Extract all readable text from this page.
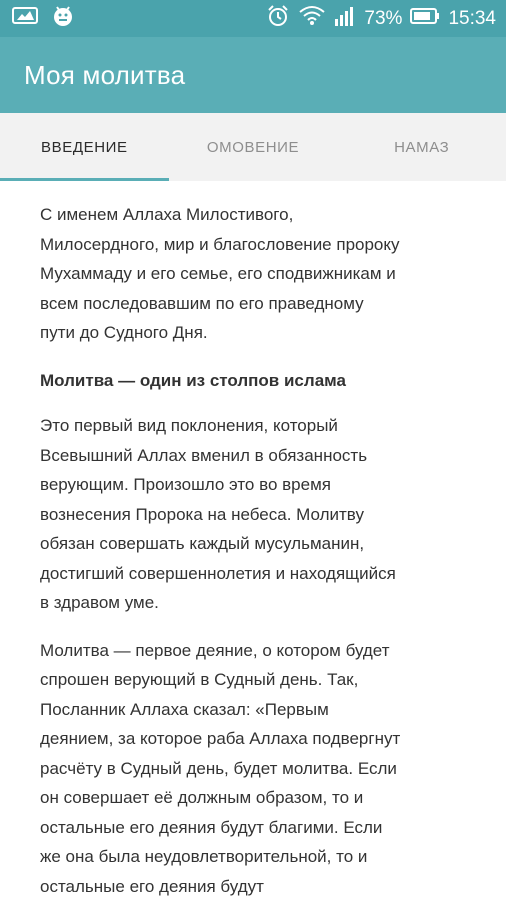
73% 15:34
Моя молитва
ВВЕДЕНИЕ	ОМОВЕНИЕ	НАМАЗ

С именем Аллаха Милостивого,
Милосердного, мир и благословение пророку
Мухаммаду и его семье, его сподвижникам и
всем последовавшим по его праведному
пути до Судного Дня.

Молитва — один из столпов ислама

Это первый вид поклонения, который
Всевышний Аллах вменил в обязанность
верующим. Произошло это во время
вознесения Пророка на небеса. Молитву
обязан совершать каждый мусульманин,
достигший совершеннолетия и находящийся
в здравом уме.

Молитва — первое деяние, о котором будет
спрошен верующий в Судный день. Так,
Посланник Аллаха сказал: «Первым
деянием, за которое раба Аллаха подвергнут
расчёту в Судный день, будет молитва. Если
он совершает её должным образом, то и
остальные его деяния будут благими. Если
же она была неудовлетворительной, то и
остальные его деяния будут
